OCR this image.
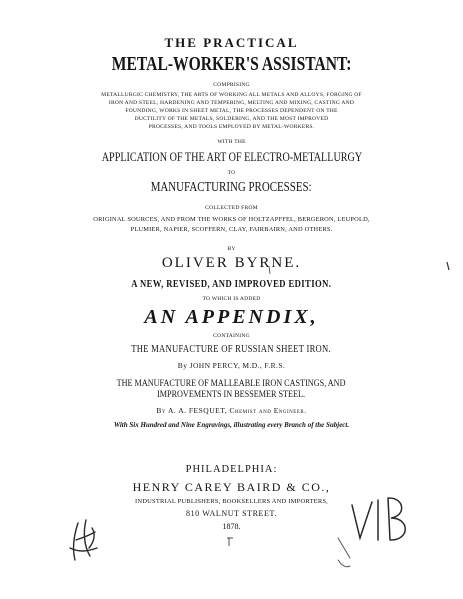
THE PRACTICAL

METAL-WORKER'S ASSISTANT:

COMPRISING

METALLURGIC CHEMISTRY, THE ARTS OF WORKING ALL METALS AND ALLOYS, FORGING OF

IRON AND STEEL, HARDENING AND TEMPERING, MELTING AND MIXING, CASTING AND

FOUNDING, WORKS IN SHEET METAL, THE PROCESSES DEPENDENT ON THE

DUCTILITY OF THE METALS, SOLDERING, AND THE MOST IMPROVED

PROCESSES, AND TOOLS EMPLOYED BY METAL-WORKERS.

WITH THE

APPLICATION OF THE ART OF ELECTRO-METALLURGY

TO

MANUFACTURING PROCESSES:

COLLECTED FROM

ORIGINAL SOURCES, AND FROM THE WORKS OF HOLTZAPFFEL, BERGERON, LEUPOLD,

PLUMIER, NAPIER, SCOFFERN, CLAY, FAIRBAIRN, AND OTHERS.

BY

OLIVER BYRNE.

A NEW, REVISED, AND IMPROVED EDITION.

TO WHICH IS ADDED

AN APPENDIX,

CONTAINING

THE MANUFACTURE OF RUSSIAN SHEET IRON.

By JOHN PERCY, M.D., F.R.S.

THE MANUFACTURE OF MALLEABLE IRON CASTINGS, AND

IMPROVEMENTS IN BESSEMER STEEL.

By A. A. FESQUET, Chemist and Engineer.

With Six Hundred and Nine Engravings, illustrating every Branch of the Subject.

PHILADELPHIA:

HENRY CAREY BAIRD & CO.,

INDUSTRIAL PUBLISHERS, BOOKSELLERS AND IMPORTERS,

810 WALNUT STREET.

1878.
